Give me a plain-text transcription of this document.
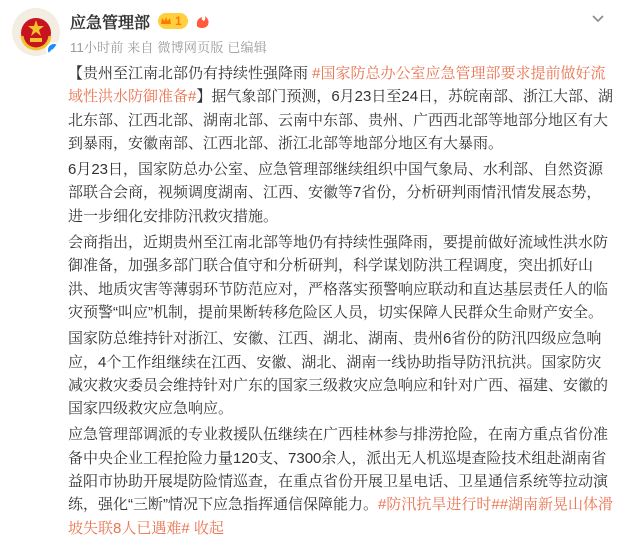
应急管理部 1
11小时前 来自 微博网页版 已编辑

【贵州至江南北部仍有持续性强降雨 #国家防总办公室应急管理部要求提前做好流域性洪水防御准备#】据气象部门预测，6月23日至24日，苏皖南部、浙江大部、湖北东部、江西北部、湖南北部、云南中东部、贵州、广西西北部等地部分地区有大到暴雨，安徽南部、江西北部、浙江北部等地部分地区有大暴雨。

6月23日，国家防总办公室、应急管理部继续组织中国气象局、水利部、自然资源部联合会商，视频调度湖南、江西、安徽等7省份，分析研判雨情汛情发展态势，进一步细化安排防汛救灾措施。

会商指出，近期贵州至江南北部等地仍有持续性强降雨，要提前做好流域性洪水防御准备，加强多部门联合值守和分析研判，科学谋划防洪工程调度，突出抓好山洪、地质灾害等薄弱环节防范应对，严格落实预警响应联动和直达基层责任人的临灾预警“叫应”机制，提前果断转移危险区人员，切实保障人民群众生命财产安全。

国家防总维持针对浙江、安徽、江西、湖北、湖南、贵州6省份的防汛四级应急响应，4个工作组继续在江西、安徽、湖北、湖南一线协助指导防汛抗洪。国家防灾减灾救灾委员会维持针对广东的国家三级救灾应急响应和针对广西、福建、安徽的国家四级救灾应急响应。

应急管理部调派的专业救援队伍继续在广西桂林参与排涝抢险，在南方重点省份准备中央企业工程抢险力量120支、7300余人，派出无人机巡堤查险技术组赴湖南省益阳市协助开展堤防险情巡查，在重点省份开展卫星电话、卫星通信系统等拉动演练，强化“三断”情况下应急指挥通信保障能力。#防汛抗旱进行时##湖南新晃山体滑坡失联8人已遇难# 收起
